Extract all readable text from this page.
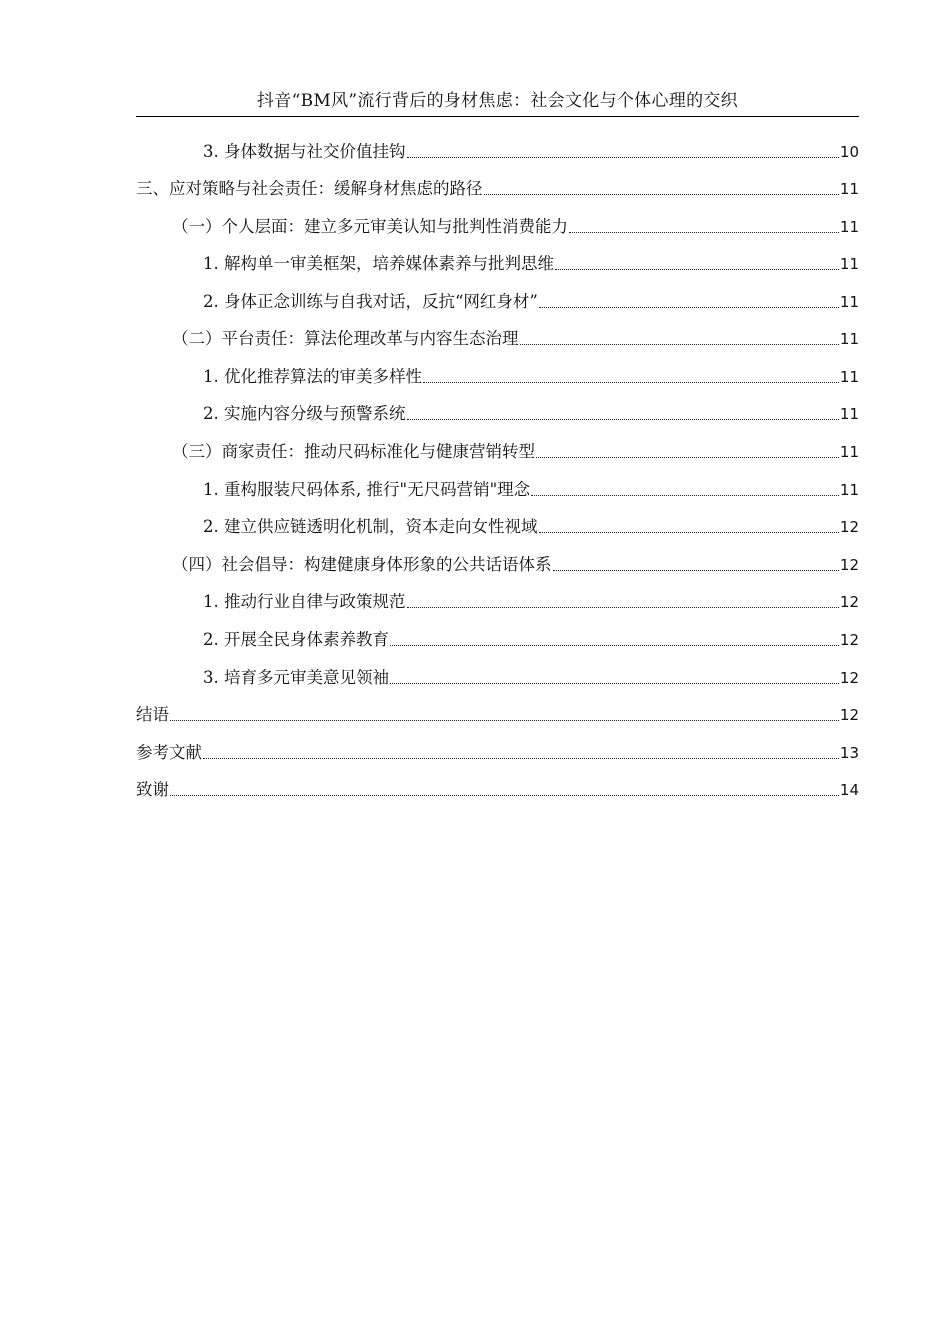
抖音“BM风”流行背后的身材焦虑：社会文化与个体心理的交织
3. 身体数据与社交价值挂钩	10
三、应对策略与社会责任：缓解身材焦虑的路径	11
（一）个人层面：建立多元审美认知与批判性消费能力	11
1. 解构单一审美框架，培养媒体素养与批判思维	11
2. 身体正念训练与自我对话，反抗“网红身材”	11
（二）平台责任：算法伦理改革与内容生态治理	11
1. 优化推荐算法的审美多样性	11
2. 实施内容分级与预警系统	11
（三）商家责任：推动尺码标准化与健康营销转型	11
1. 重构服装尺码体系, 推行"无尺码营销"理念	11
2. 建立供应链透明化机制，资本走向女性视域	12
（四）社会倡导：构建健康身体形象的公共话语体系	12
1. 推动行业自律与政策规范	12
2. 开展全民身体素养教育	12
3. 培育多元审美意见领袖	12
结语	12
参考文献	13
致谢	14
